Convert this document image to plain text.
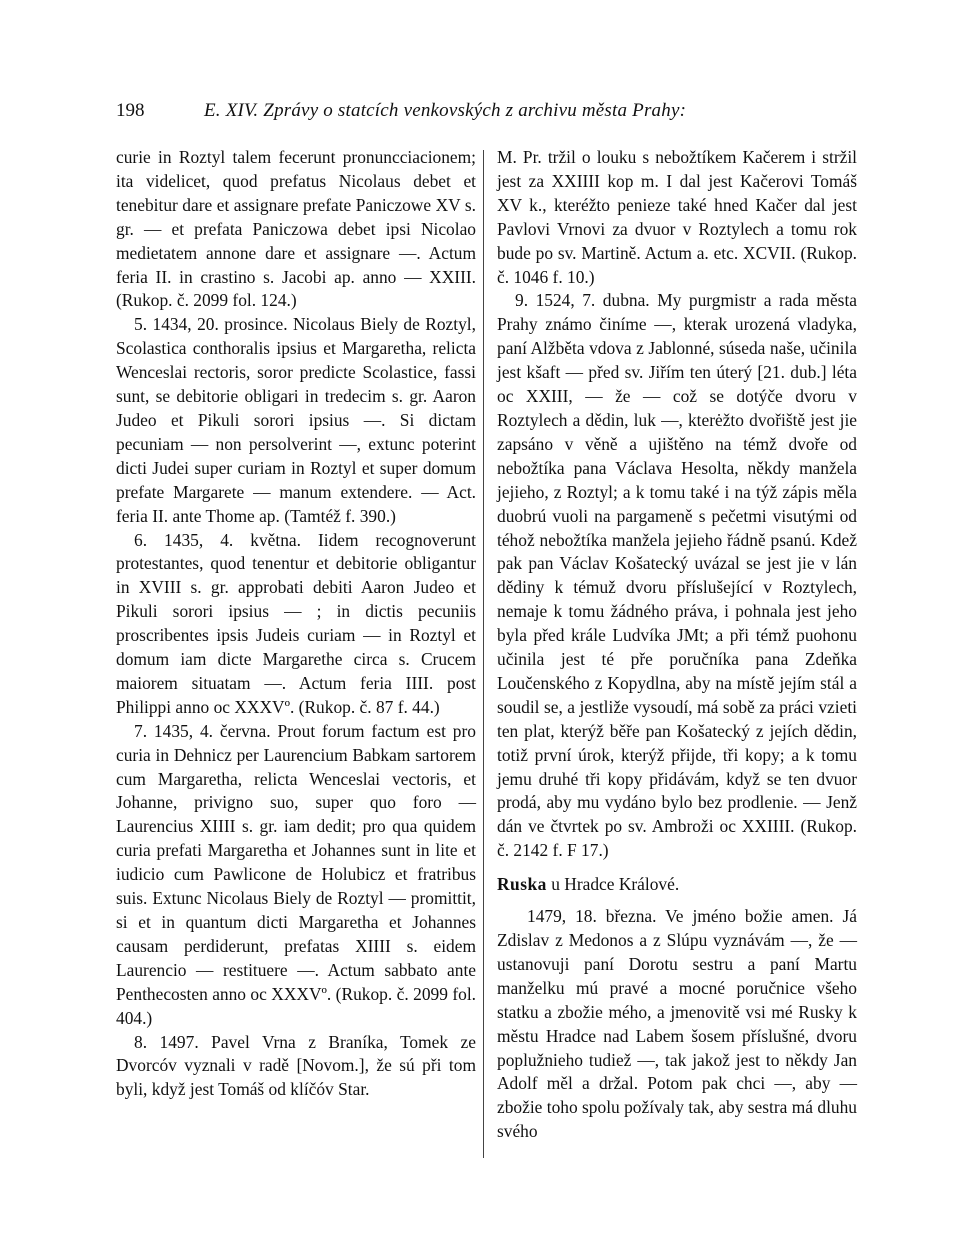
198	E. XIV. Zprávy o statcích venkovských z archivu města Prahy:

curie in Roztyl talem fecerunt pronuncciacionem; ita videlicet, quod prefatus Nicolaus debet et tenebitur dare et assignare prefate Paniczowe XV s. gr. — et prefata Paniczowa debet ipsi Nicolao medietatem annone dare et assignare —. Actum feria II. in crastino s. Jacobi ap. anno — XXIII. (Rukop. č. 2099 fol. 124.)

5. 1434, 20. prosince. Nicolaus Biely de Roztyl, Scolastica conthoralis ipsius et Margaretha, relicta Wenceslai rectoris, soror predicte Scolastice, fassi sunt, se debitorie obligari in tredecim s. gr. Aaron Judeo et Pikuli sorori ipsius —. Si dictam pecuniam — non persolverint —, extunc poterint dicti Judei super curiam in Roztyl et super domum prefate Margarete — manum extendere. — Act. feria II. ante Thome ap. (Tamtéž f. 390.)

6. 1435, 4. května. Iidem recognoverunt protestantes, quod tenentur et debitorie obligantur in XVIII s. gr. approbati debiti Aaron Judeo et Pikuli sorori ipsius — ; in dictis pecuniis proscribentes ipsis Judeis curiam — in Roztyl et domum iam dicte Margarethe circa s. Crucem maiorem situatam —. Actum feria IIII. post Philippi anno oc XXXVº. (Rukop. č. 87 f. 44.)

7. 1435, 4. června. Prout forum factum est pro curia in Dehnicz per Laurencium Babkam sartorem cum Margaretha, relicta Wenceslai vectoris, et Johanne, privigno suo, super quo foro — Laurencius XIIII s. gr. iam dedit; pro qua quidem curia prefati Margaretha et Johannes sunt in lite et iudicio cum Pawlicone de Holubicz et fratribus suis. Extunc Nicolaus Biely de Roztyl — promittit, si et in quantum dicti Margaretha et Johannes causam perdiderunt, prefatas XIIII s. eidem Laurencio — restituere —. Actum sabbato ante Penthecosten anno oc XXXVº. (Rukop. č. 2099 fol. 404.)

8. 1497. Pavel Vrna z Braníka, Tomek ze Dvorcóv vyznali v radě [Novom.], že sú při tom byli, když jest Tomáš od klíčóv Star.

M. Pr. tržil o louku s nebožtíkem Kačerem i stržil jest za XXIIII kop m. I dal jest Kačerovi Tomáš XV k., kteréžto penieze také hned Kačer dal jest Pavlovi Vrnovi za dvuor v Roztylech a tomu rok bude po sv. Martině. Actum a. etc. XCVII. (Rukop. č. 1046 f. 10.)

9. 1524, 7. dubna. My purgmistr a rada města Prahy známo činíme —, kterak urozená vladyka, paní Alžběta vdova z Jablonné, súseda naše, učinila jest kšaft — před sv. Jiřím ten úterý [21. dub.] léta oc XXIII, — že — což se dotýče dvoru v Roztylech a dědin, luk —, kterėžto dvořiště jest jie zapsáno v věně a ujištěno na témž dvoře od nebožtíka pana Václava Hesolta, někdy manžela jejieho, z Roztyl; a k tomu také i na týž zápis měla duobrú vuoli na pargameně s pečetmi visutými od téhož nebožtíka manžela jejieho řádně psanú. Kdež pak pan Václav Košatecký uvázal se jest jie v lán dědiny k témuž dvoru příslušející v Roztylech, nemaje k tomu žádného práva, i pohnala jest jeho byla před krále Ludvíka JMt; a při témž puohonu učinila jest té pře poručníka pana Zdeňka Loučenského z Kopydlna, aby na místě jejím stál a soudil se, a jestliže vysoudí, má sobě za práci vzieti ten plat, kterýž běře pan Košatecký z jejích dědin, totiž první úrok, kterýž přijde, tři kopy; a k tomu jemu druhé tři kopy přidávám, když se ten dvuor prodá, aby mu vydáno bylo bez prodlenie. — Jenž dán ve čtvrtek po sv. Ambroži oc XXIIII. (Rukop. č. 2142 f. F 17.)

Ruska u Hradce Králové.

1479, 18. března. Ve jméno božie amen. Já Zdislav z Medonos a z Slúpu vyznávám —, že — ustanovuji paní Dorotu sestru a paní Martu manželku mú pravé a mocné poručnice všeho statku a zbožie mého, a jmenovitě vsi mé Rusky k městu Hradce nad Labem šosem příslušné, dvoru poplužnieho tudiež —, tak jakož jest to někdy Jan Adolf měl a držal. Potom pak chci —, aby — zbožie toho spolu požívaly tak, aby sestra má dluhu svého
